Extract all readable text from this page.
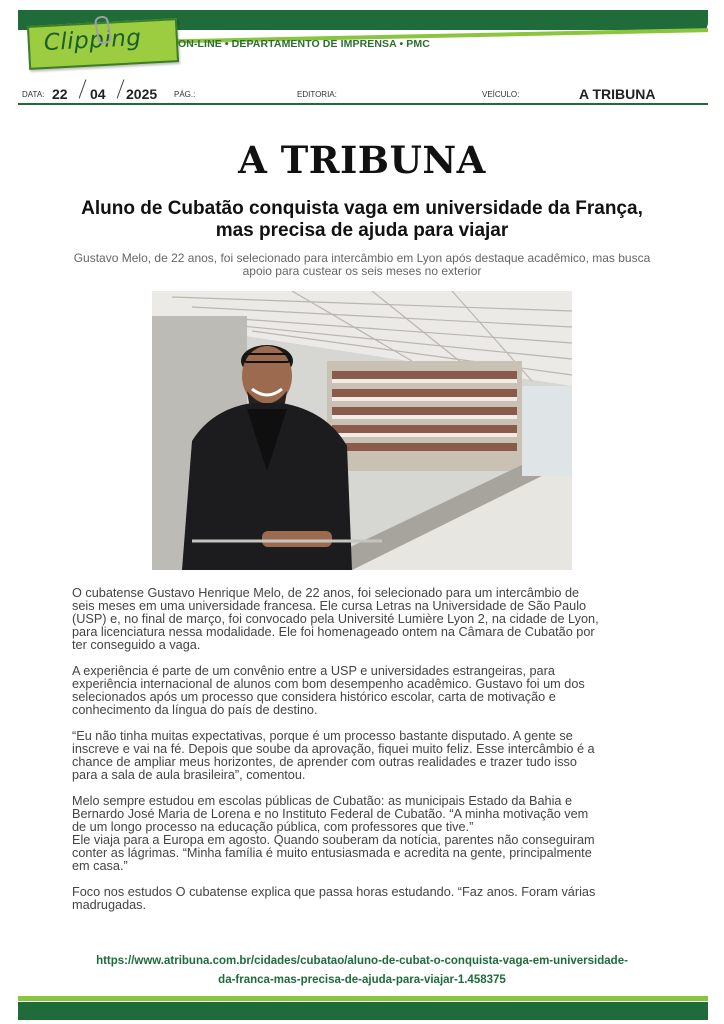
Clipping	ON-LINE • DEPARTAMENTO DE IMPRENSA • PMC
DATA: 22 04 2025 PÁG.:	EDITORIA:	VEÍCULO:	A TRIBUNA
A TRIBUNA
Aluno de Cubatão conquista vaga em universidade da França,
mas precisa de ajuda para viajar
Gustavo Melo, de 22 anos, foi selecionado para intercâmbio em Lyon após destaque acadêmico, mas busca
apoio para custear os seis meses no exterior

O cubatense Gustavo Henrique Melo, de 22 anos, foi selecionado para um intercâmbio de
seis meses em uma universidade francesa. Ele cursa Letras na Universidade de São Paulo
(USP) e, no final de março, foi convocado pela Université Lumière Lyon 2, na cidade de Lyon,
para licenciatura nessa modalidade. Ele foi homenageado ontem na Câmara de Cubatão por
ter conseguido a vaga.

A experiência é parte de um convênio entre a USP e universidades estrangeiras, para
experiência internacional de alunos com bom desempenho acadêmico. Gustavo foi um dos
selecionados após um processo que considera histórico escolar, carta de motivação e
conhecimento da língua do país de destino.

“Eu não tinha muitas expectativas, porque é um processo bastante disputado. A gente se
inscreve e vai na fé. Depois que soube da aprovação, fiquei muito feliz. Esse intercâmbio é a
chance de ampliar meus horizontes, de aprender com outras realidades e trazer tudo isso
para a sala de aula brasileira”, comentou.

Melo sempre estudou em escolas públicas de Cubatão: as municipais Estado da Bahia e
Bernardo José Maria de Lorena e no Instituto Federal de Cubatão. “A minha motivação vem
de um longo processo na educação pública, com professores que tive.”
Ele viaja para a Europa em agosto. Quando souberam da notícia, parentes não conseguiram
conter as lágrimas. “Minha família é muito entusiasmada e acredita na gente, principalmente
em casa.”

Foco nos estudos O cubatense explica que passa horas estudando. “Faz anos. Foram várias
madrugadas.

https://www.atribuna.com.br/cidades/cubatao/aluno-de-cubat-o-conquista-vaga-em-universidade-
da-franca-mas-precisa-de-ajuda-para-viajar-1.458375
